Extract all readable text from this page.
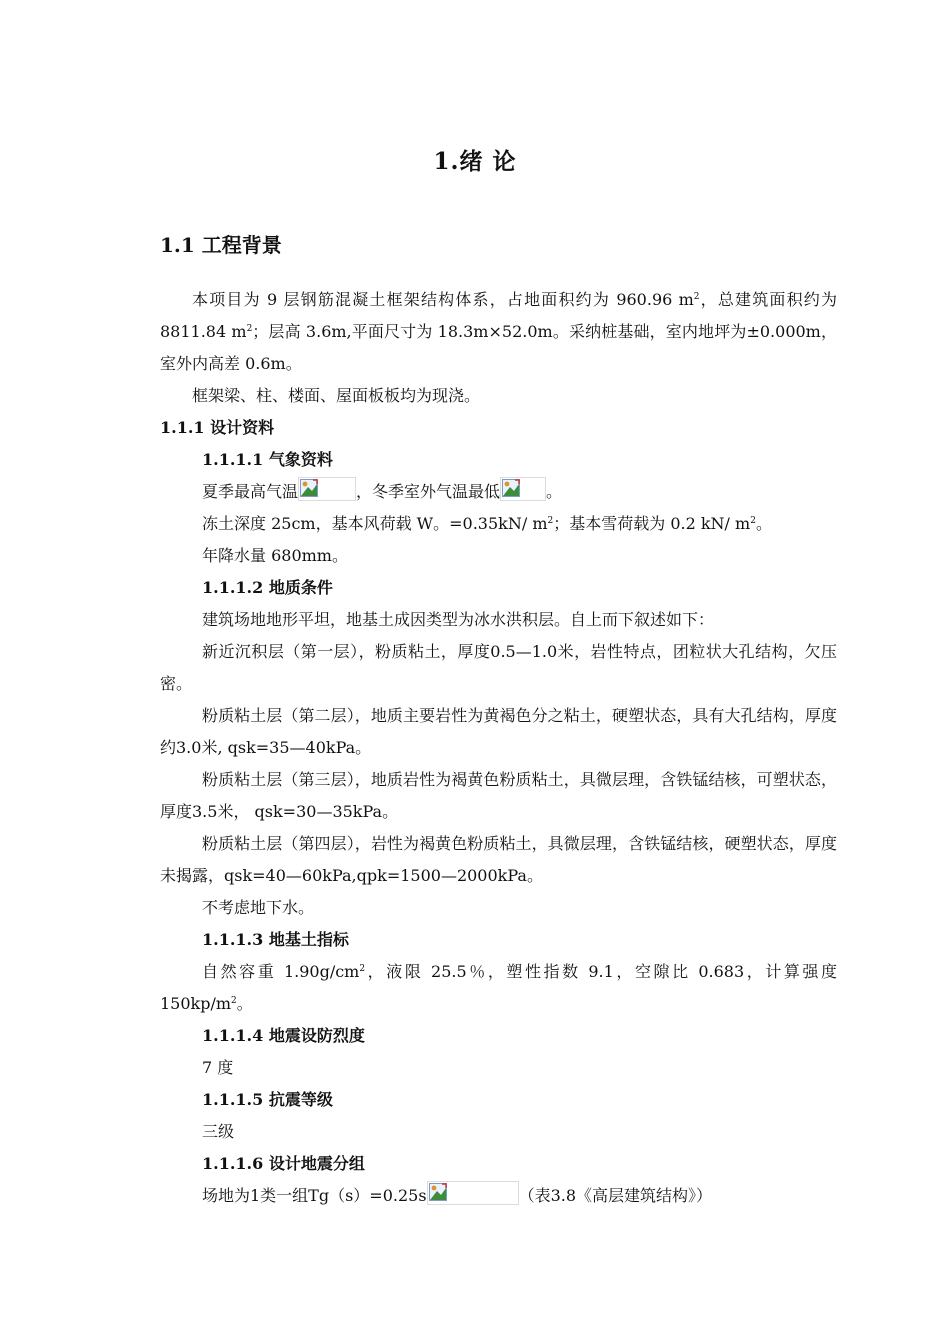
1.绪 论
1.1 工程背景

本项目为 9 层钢筋混凝土框架结构体系，占地面积约为 960.96 $m^2$，总建筑面积约为 8811.84 $m^2$；层高 3.6m,平面尺寸为 18.3m×52.0m。采纳桩基础，室内地坪为±0.000m，室外内高差 0.6m。

框架梁、柱、楼面、屋面板板均为现浇。

1.1.1 设计资料

1.1.1.1 气象资料

夏季最高气温	，冬季室外气温最低	。

冻土深度 25cm，基本风荷载 W。=0.35kN/ $m^2$；基本雪荷载为 0.2 kN/ $m^2$。

年降水量 680mm。

1.1.1.2 地质条件

建筑场地地形平坦，地基土成因类型为冰水洪积层。自上而下叙述如下：

新近沉积层（第一层），粉质粘土，厚度0.5—1.0米，岩性特点，团粒状大孔结构，欠压密。

粉质粘土层（第二层），地质主要岩性为黄褐色分之粘土，硬塑状态，具有大孔结构，厚度约3.0米, qsk=35—40kPa。

粉质粘土层（第三层），地质岩性为褐黄色粉质粘土，具微层理，含铁锰结核，可塑状态，厚度3.5米， qsk=30—35kPa。

粉质粘土层（第四层），岩性为褐黄色粉质粘土，具微层理，含铁锰结核，硬塑状态，厚度未揭露，qsk=40—60kPa,qpk=1500—2000kPa。

不考虑地下水。

1.1.1.3 地基土指标

自然容重 $1.90g/cm^2$，液限 25.5％，塑性指数 9.1，空隙比 0.683，计算强度$150kp/m^2$。

1.1.1.4 地震设防烈度

7 度

1.1.1.5 抗震等级

三级

1.1.1.6 设计地震分组

场地为1类一组Tg（s）=0.25s	（表3.8《高层建筑结构》）
